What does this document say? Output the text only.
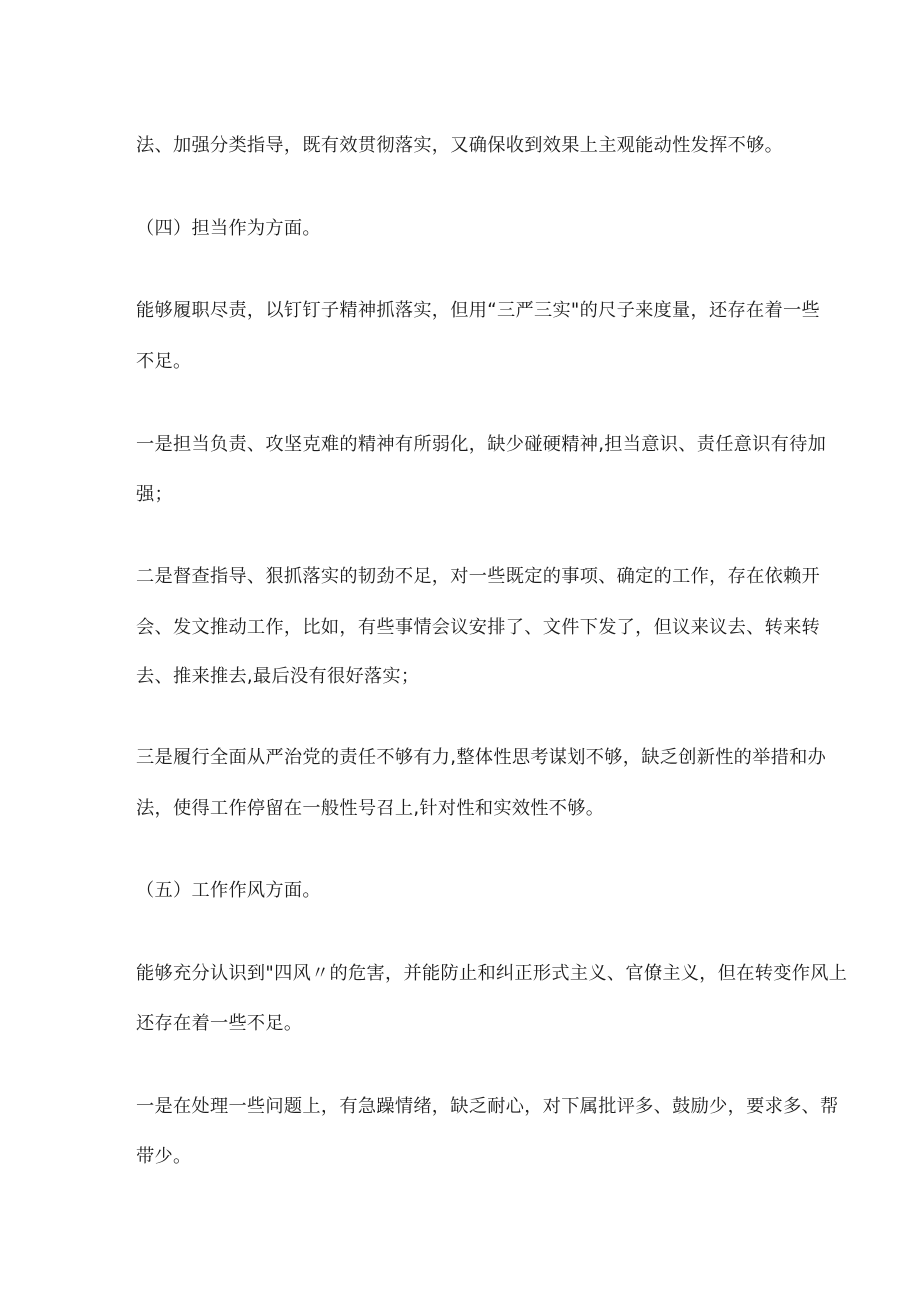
法、加强分类指导，既有效贯彻落实，又确保收到效果上主观能动性发挥不够。
（四）担当作为方面。
能够履职尽责，以钉钉子精神抓落实，但用“三严三实"的尺子来度量，还存在着一些
不足。
一是担当负责、攻坚克难的精神有所弱化，缺少碰硬精神,担当意识、责任意识有待加
强；
二是督查指导、狠抓落实的韧劲不足，对一些既定的事项、确定的工作，存在依赖开
会、发文推动工作，比如，有些事情会议安排了、文件下发了，但议来议去、转来转
去、推来推去,最后没有很好落实；
三是履行全面从严治党的责任不够有力,整体性思考谋划不够，缺乏创新性的举措和办
法，使得工作停留在一般性号召上,针对性和实效性不够。
（五）工作作风方面。
能够充分认识到"四风〃的危害，并能防止和纠正形式主义、官僚主义，但在转变作风上
还存在着一些不足。
一是在处理一些问题上，有急躁情绪，缺乏耐心，对下属批评多、鼓励少，要求多、帮
带少。
